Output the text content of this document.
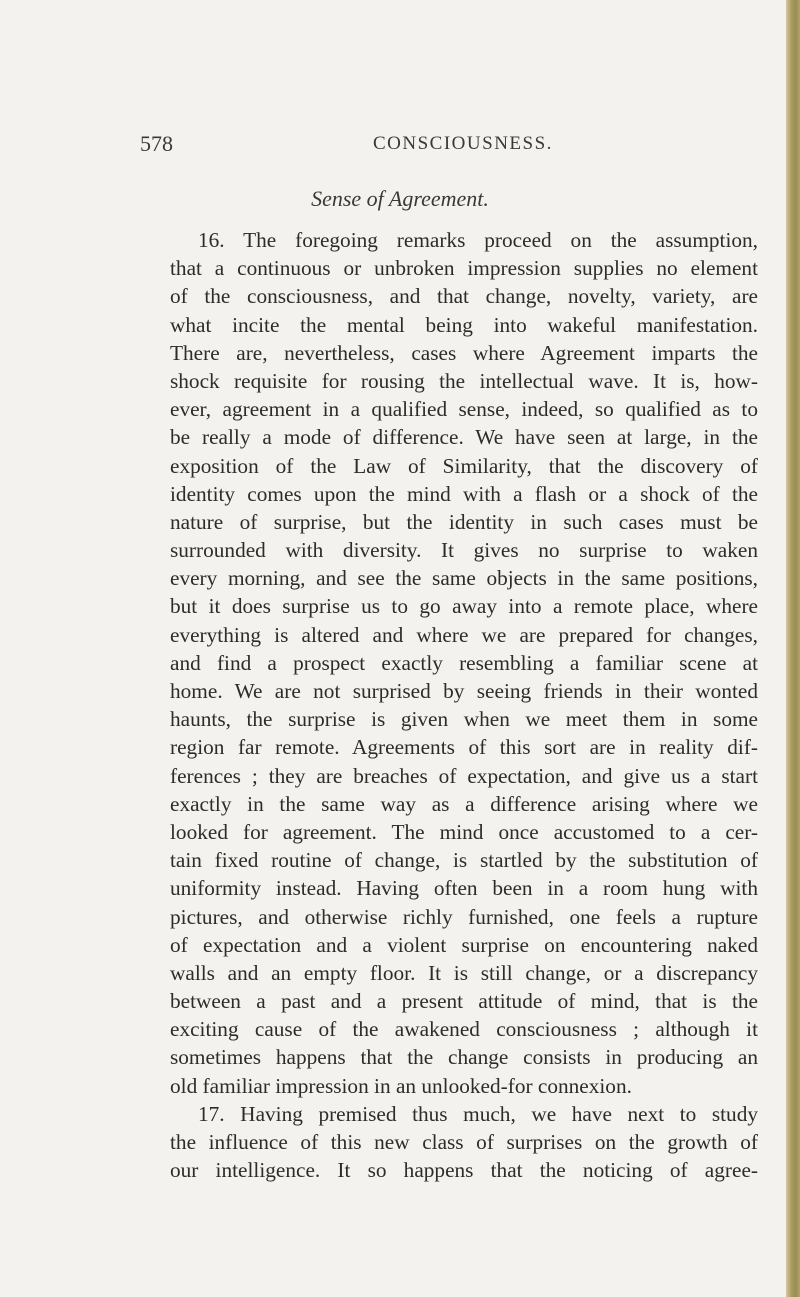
578	CONSCIOUSNESS.
Sense of Agreement.
16. The foregoing remarks proceed on the assumption,
that a continuous or unbroken impression supplies no element
of the consciousness, and that change, novelty, variety, are
what incite the mental being into wakeful manifestation.
There are, nevertheless, cases where Agreement imparts the
shock requisite for rousing the intellectual wave. It is, how-
ever, agreement in a qualified sense, indeed, so qualified as to
be really a mode of difference. We have seen at large, in the
exposition of the Law of Similarity, that the discovery of
identity comes upon the mind with a flash or a shock of the
nature of surprise, but the identity in such cases must be
surrounded with diversity. It gives no surprise to waken
every morning, and see the same objects in the same positions,
but it does surprise us to go away into a remote place, where
everything is altered and where we are prepared for changes,
and find a prospect exactly resembling a familiar scene at
home. We are not surprised by seeing friends in their wonted
haunts, the surprise is given when we meet them in some
region far remote. Agreements of this sort are in reality dif-
ferences ; they are breaches of expectation, and give us a start
exactly in the same way as a difference arising where we
looked for agreement. The mind once accustomed to a cer-
tain fixed routine of change, is startled by the substitution of
uniformity instead. Having often been in a room hung with
pictures, and otherwise richly furnished, one feels a rupture
of expectation and a violent surprise on encountering naked
walls and an empty floor. It is still change, or a discrepancy
between a past and a present attitude of mind, that is the
exciting cause of the awakened consciousness ; although it
sometimes happens that the change consists in producing an
old familiar impression in an unlooked-for connexion.
17. Having premised thus much, we have next to study
the influence of this new class of surprises on the growth of
our intelligence. It so happens that the noticing of agree-
